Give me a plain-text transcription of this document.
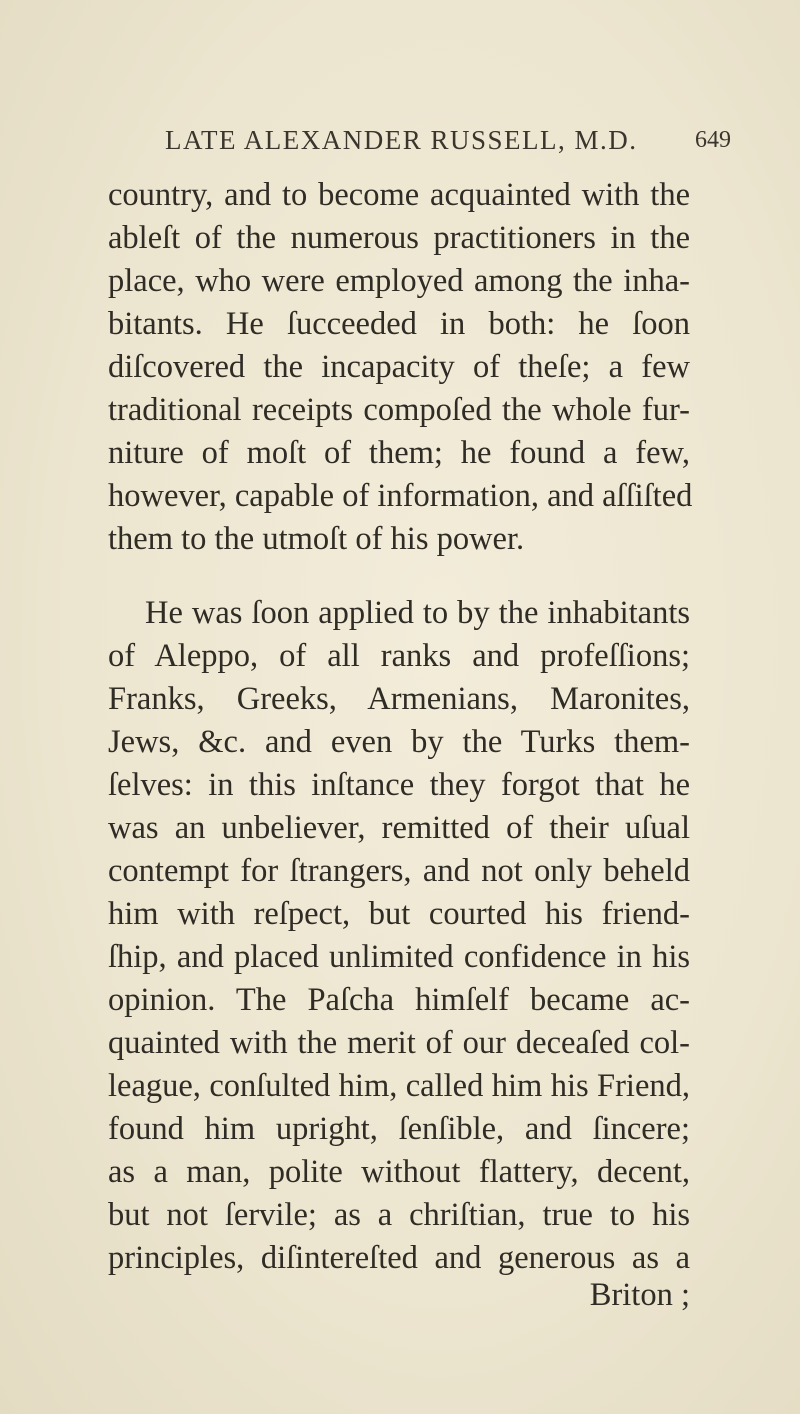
LATE ALEXANDER RUSSELL, M.D. 649
country, and to become acquainted with the
ableſt of the numerous practitioners in the
place, who were employed among the inha-
bitants. He ſucceeded in both: he ſoon
diſcovered the incapacity of theſe; a few
traditional receipts compoſed the whole fur-
niture of moſt of them; he found a few,
however, capable of information, and aſſiſted
them to the utmoſt of his power.
He was ſoon applied to by the inhabitants
of Aleppo, of all ranks and profeſſions;
Franks, Greeks, Armenians, Maronites,
Jews, &c. and even by the Turks them-
ſelves: in this inſtance they forgot that he
was an unbeliever, remitted of their uſual
contempt for ſtrangers, and not only beheld
him with reſpect, but courted his friend-
ſhip, and placed unlimited confidence in his
opinion. The Paſcha himſelf became ac-
quainted with the merit of our deceaſed col-
league, conſulted him, called him his Friend,
found him upright, ſenſible, and ſincere;
as a man, polite without flattery, decent,
but not ſervile; as a chriſtian, true to his
principles, diſintereſted and generous as a
Briton ;
